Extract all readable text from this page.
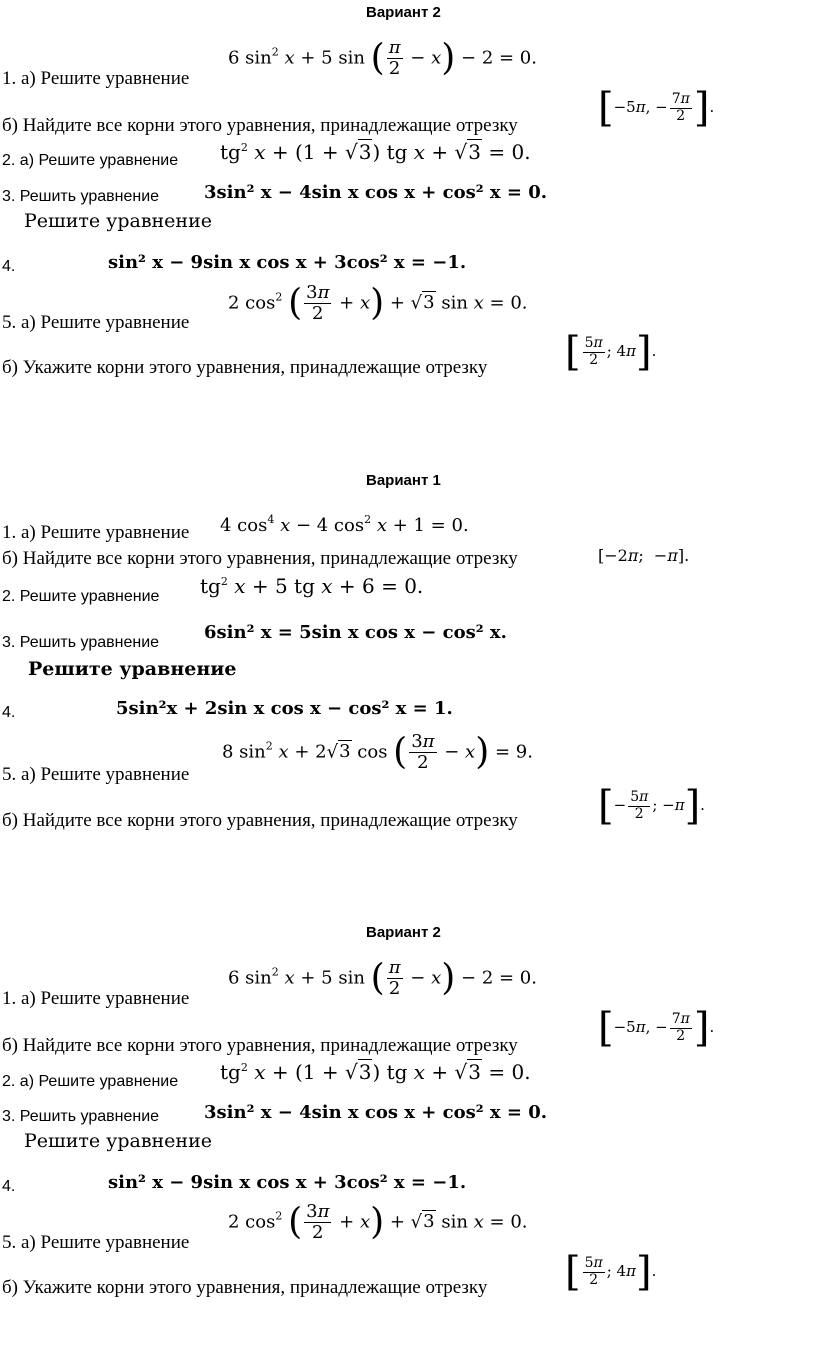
Вариант 2
1. а) Решите уравнение
6 $\sin^2 x + 5$ sin ( $\frac{\pi}{2} - x) - 2 = 0$.
б) Найдите все корни этого уравнения, принадлежащие отрезку [−5π, − $\frac{7\pi}{2}$ ].
2. а) Решите уравнение $tg^2$ x + (1 + √3) tg x + √3 = 0.
3. Решить уравнение 3sin² x − 4sin x cos x + cos² x = 0.
Решите уравнение
4.	sin² x − 9sin x cos x + 3cos² x = −1.
5. а) Решите уравнение
2 $\cos^2$ ( $\frac{3\pi}{2} + x) + √3$ sin x = 0.
б) Укажите корни этого уравнения, принадлежащие отрезку [ $\frac{5\pi}{2}$ ; 4π].
Вариант 1
1. а) Решите уравнение 4 $\cos^4 x - 4$ $\cos^2 x + 1 = 0$.
б) Найдите все корни этого уравнения, принадлежащие отрезку	[−2π;  −π].
2. Решите уравнение $tg^2$ x + 5 tg x + 6 = 0.
3. Решить уравнение 6sin² x = 5sin x cos x − cos² x.
Решите уравнение
4.	5sin²x + 2sin x cos x − cos² x = 1.
5. а) Решите уравнение
8 $\sin^2 x + 2√3$ cos ( $\frac{3\pi}{2} - x) = 9$.
б) Найдите все корни этого уравнения, принадлежащие отрезку [− $\frac{5\pi}{2}$ ; −π].
Вариант 2
1. а) Решите уравнение
6 $\sin^2 x + 5$ sin ( $\frac{\pi}{2} - x) - 2 = 0$.
б) Найдите все корни этого уравнения, принадлежащие отрезку [−5π, − $\frac{7\pi}{2}$ ].
2. а) Решите уравнение $tg^2$ x + (1 + √3) tg x + √3 = 0.
3. Решить уравнение 3sin² x − 4sin x cos x + cos² x = 0.
Решите уравнение
4.	sin² x − 9sin x cos x + 3cos² x = −1.
5. а) Решите уравнение
2 $\cos^2$ ( $\frac{3\pi}{2} + x) + √3$ sin x = 0.
б) Укажите корни этого уравнения, принадлежащие отрезку [ $\frac{5\pi}{2}$ ; 4π].
